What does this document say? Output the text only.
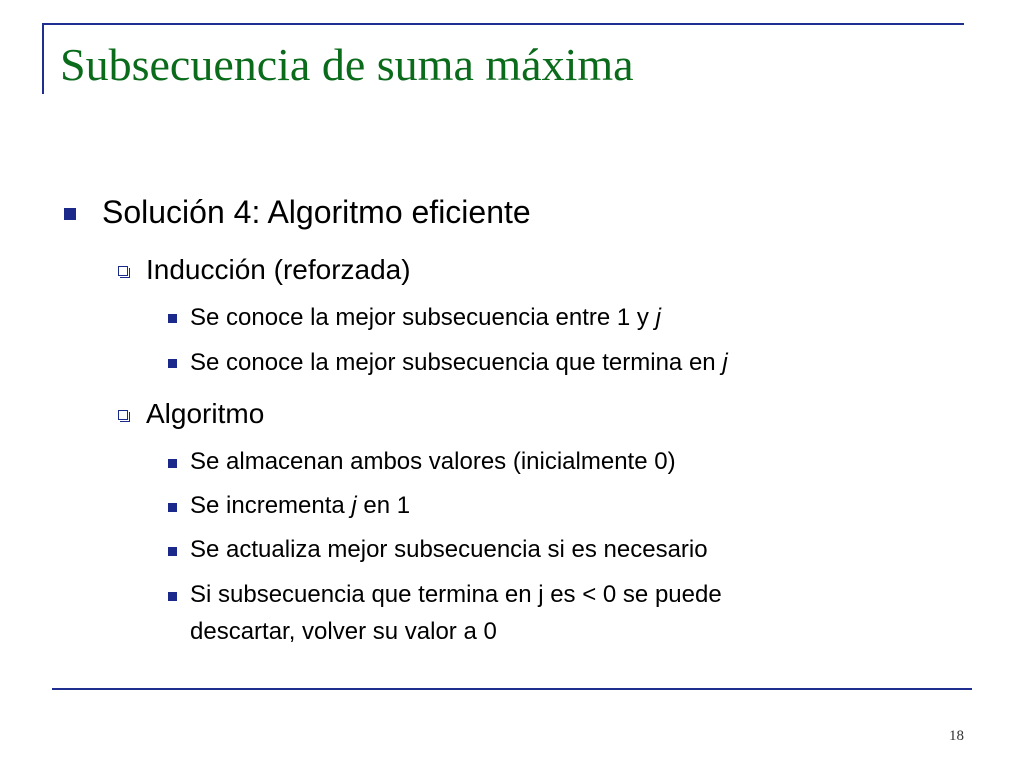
Subsecuencia de suma máxima
Solución 4: Algoritmo eficiente
Inducción (reforzada)
Se conoce la mejor subsecuencia entre 1 y j
Se conoce la mejor subsecuencia que termina en j
Algoritmo
Se almacenan ambos valores (inicialmente 0)
Se incrementa j en 1
Se actualiza mejor subsecuencia si es necesario
Si subsecuencia que termina en j es < 0 se puede
descartar, volver su valor a 0
18
